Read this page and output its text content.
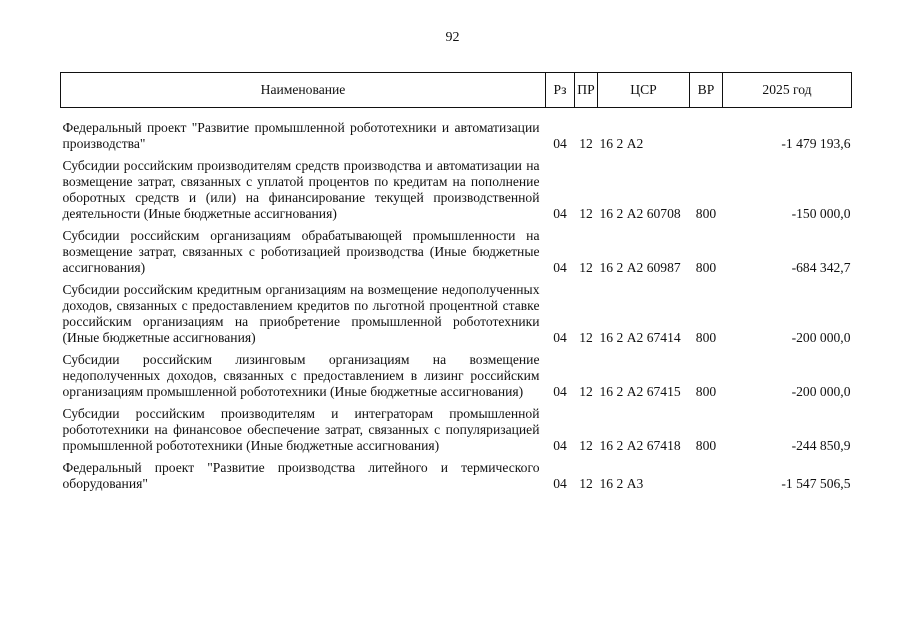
92
Наименование	Рз	ПР	ЦСР	ВР	2025 год
Федеральный проект "Развитие промышленной робототехники и автоматизации производства"	04	12	16 2 А2		-1 479 193,6
Субсидии российским производителям средств производства и автоматизации на возмещение затрат, связанных с уплатой процентов по кредитам на пополнение оборотных средств и (или) на финансирование текущей производственной деятельности (Иные бюджетные ассигнования)	04	12	16 2 А2 60708	800	-150 000,0
Субсидии российским организациям обрабатывающей промышленности на возмещение затрат, связанных с роботизацией производства (Иные бюджетные ассигнования)	04	12	16 2 А2 60987	800	-684 342,7
Субсидии российским кредитным организациям на возмещение недополученных доходов, связанных с предоставлением кредитов по льготной процентной ставке российским организациям на приобретение промышленной робототехники (Иные бюджетные ассигнования)	04	12	16 2 А2 67414	800	-200 000,0
Субсидии российским лизинговым организациям на возмещение недополученных доходов, связанных с предоставлением в лизинг российским организациям промышленной робототехники (Иные бюджетные ассигнования)	04	12	16 2 А2 67415	800	-200 000,0
Субсидии российским производителям и интеграторам промышленной робототехники на финансовое обеспечение затрат, связанных с популяризацией промышленной робототехники (Иные бюджетные ассигнования)	04	12	16 2 А2 67418	800	-244 850,9
Федеральный проект "Развитие производства литейного и термического оборудования"	04	12	16 2 А3		-1 547 506,5
